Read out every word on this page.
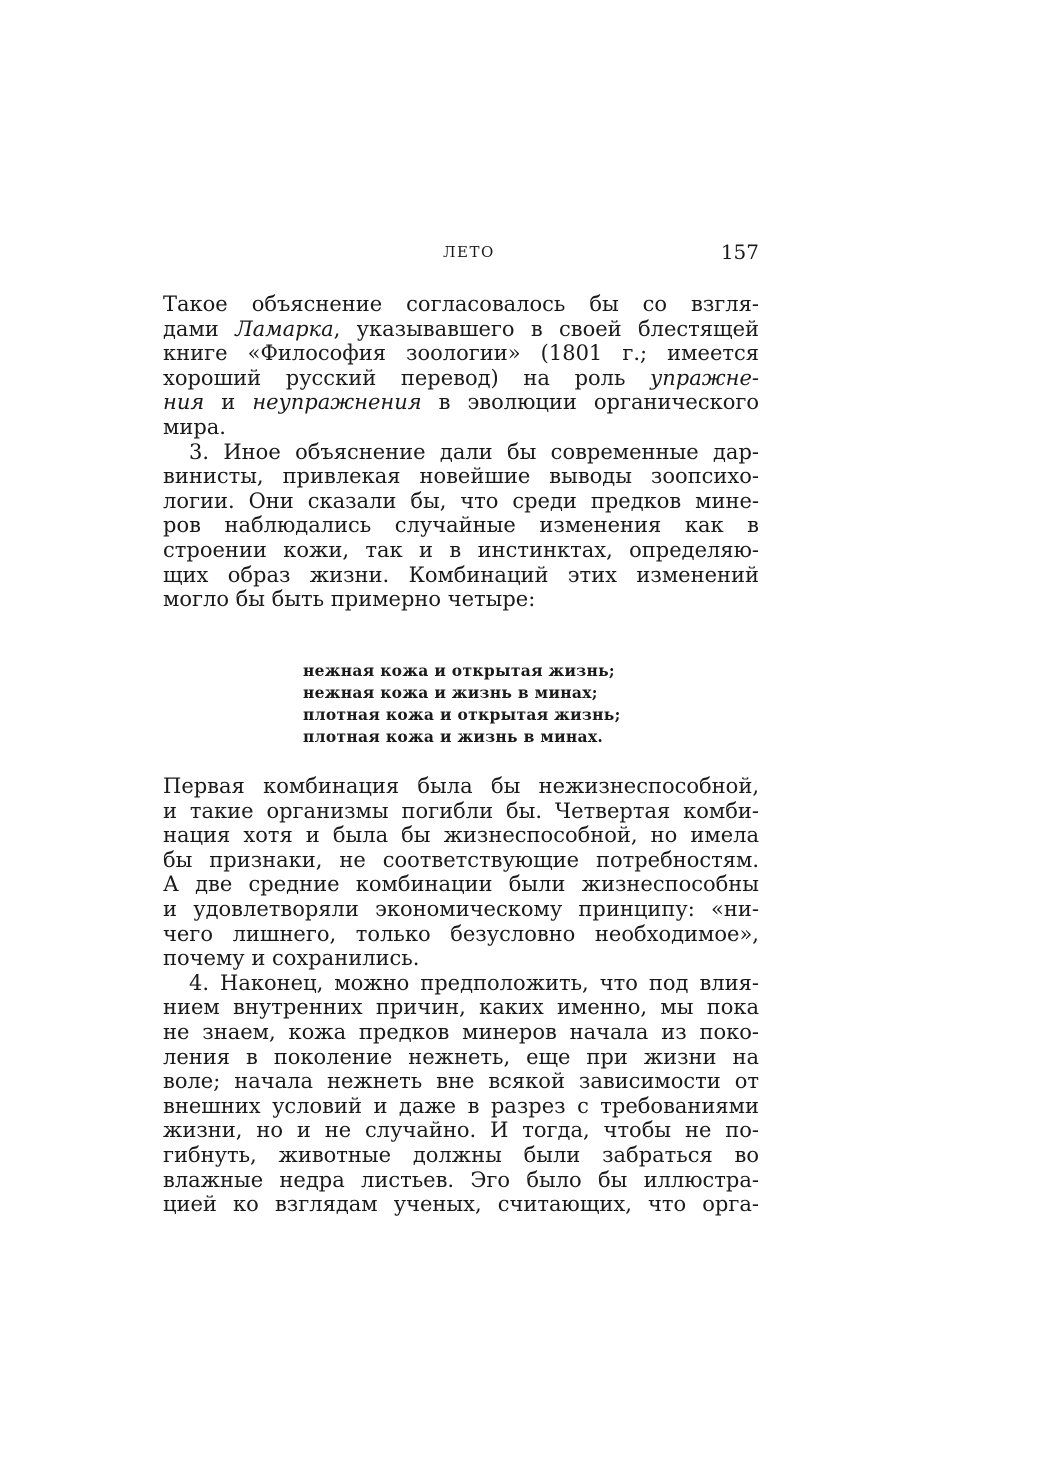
ЛЕТО	157
Такое объяснение согласовалось бы со взгля-
дами Ламарка, указывавшего в своей блестящей
книге «Философия зоологии» (1801 г.; имеется
хороший русский перевод) на роль упражне-
ния и неупражнения в эволюции органического
мира.
3. Иное объяснение дали бы современные дар-
винисты, привлекая новейшие выводы зоопсихо-
логии. Они сказали бы, что среди предков мине-
ров наблюдались случайные изменения как в
строении кожи, так и в инстинктах, определяю-
щих образ жизни. Комбинаций этих изменений
могло бы быть примерно четыре:
нежная кожа и открытая жизнь;
нежная кожа и жизнь в минах;
плотная кожа и открытая жизнь;
плотная кожа и жизнь в минах.
Первая комбинация была бы нежизнеспособной,
и такие организмы погибли бы. Четвертая комби-
нация хотя и была бы жизнеспособной, но имела
бы признаки, не соответствующие потребностям.
А две средние комбинации были жизнеспособны
и удовлетворяли экономическому принципу: «ни-
чего лишнего, только безусловно необходимое»,
почему и сохранились.
4. Наконец, можно предположить, что под влия-
нием внутренних причин, каких именно, мы пока
не знаем, кожа предков минеров начала из поко-
ления в поколение нежнеть, еще при жизни на
воле; начала нежнеть вне всякой зависимости от
внешних условий и даже в разрез с требованиями
жизни, но и не случайно. И тогда, чтобы не по-
гибнуть, животные должны были забраться во
влажные недра листьев. Эго было бы иллюстра-
цией ко взглядам ученых, считающих, что орга-
